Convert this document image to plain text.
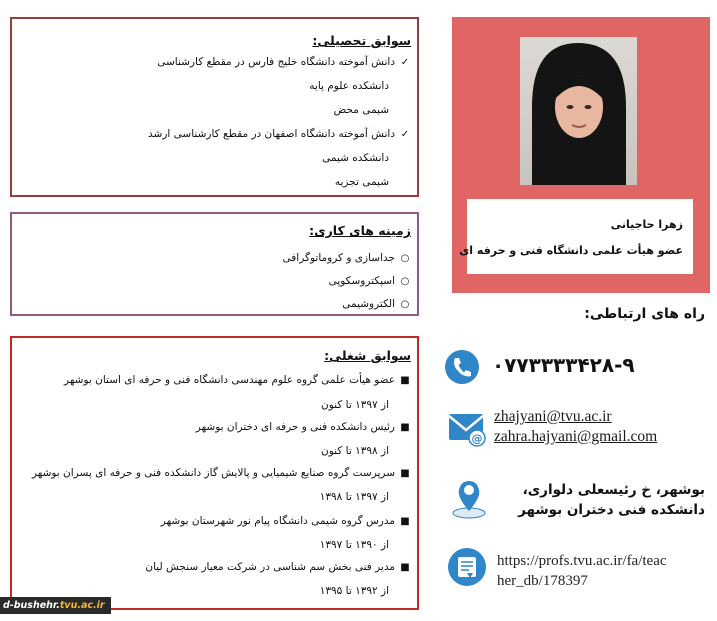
سوابق تحصیلی:
✓دانش آموخته دانشگاه خلیج فارس در مقطع کارشناسی
دانشکده علوم پایه
شیمی محض
✓دانش آموخته دانشگاه اصفهان در مقطع کارشناسی ارشد
دانشکده شیمی
شیمی تجزیه
زمینه های کاری:
○جداسازی و کروماتوگرافی
○اسپکتروسکوپی
○الکتروشیمی
سوابق شغلی:
■عضو هیأت علمی گروه علوم مهندسی دانشگاه فنی و حرفه ای استان بوشهر
از ۱۳۹۷ تا کنون
■رئیس دانشکده فنی و حرفه ای دختران بوشهر
از ۱۳۹۸ تا کنون
■سرپرست گروه صنایع شیمیایی و پالایش گاز دانشکده فنی و حرفه ای پسران بوشهر
از ۱۳۹۷ تا ۱۳۹۸
■مدرس گروه شیمی دانشگاه پیام نور شهرستان بوشهر
از ۱۳۹۰ تا ۱۳۹۷
■مدیر فنی بخش سم شناسی در شرکت معیار سنجش لیان
از ۱۳۹۲ تا ۱۳۹۵
زهرا حاجیانی
عضو هیأت علمی دانشگاه فنی و حرفه ای
راه های ارتباطی:
۰۷۷۳۳۳۳۴۲۸-۹
@
zhajyani@tvu.ac.ir
zahra.hajyani@gmail.com
بوشهر، خ رئیسعلی دلواری،
دانشکده فنی دختران بوشهر
https://profs.tvu.ac.ir/fa/teac
her_db/178397
d-bushehr.tvu.ac.ir
